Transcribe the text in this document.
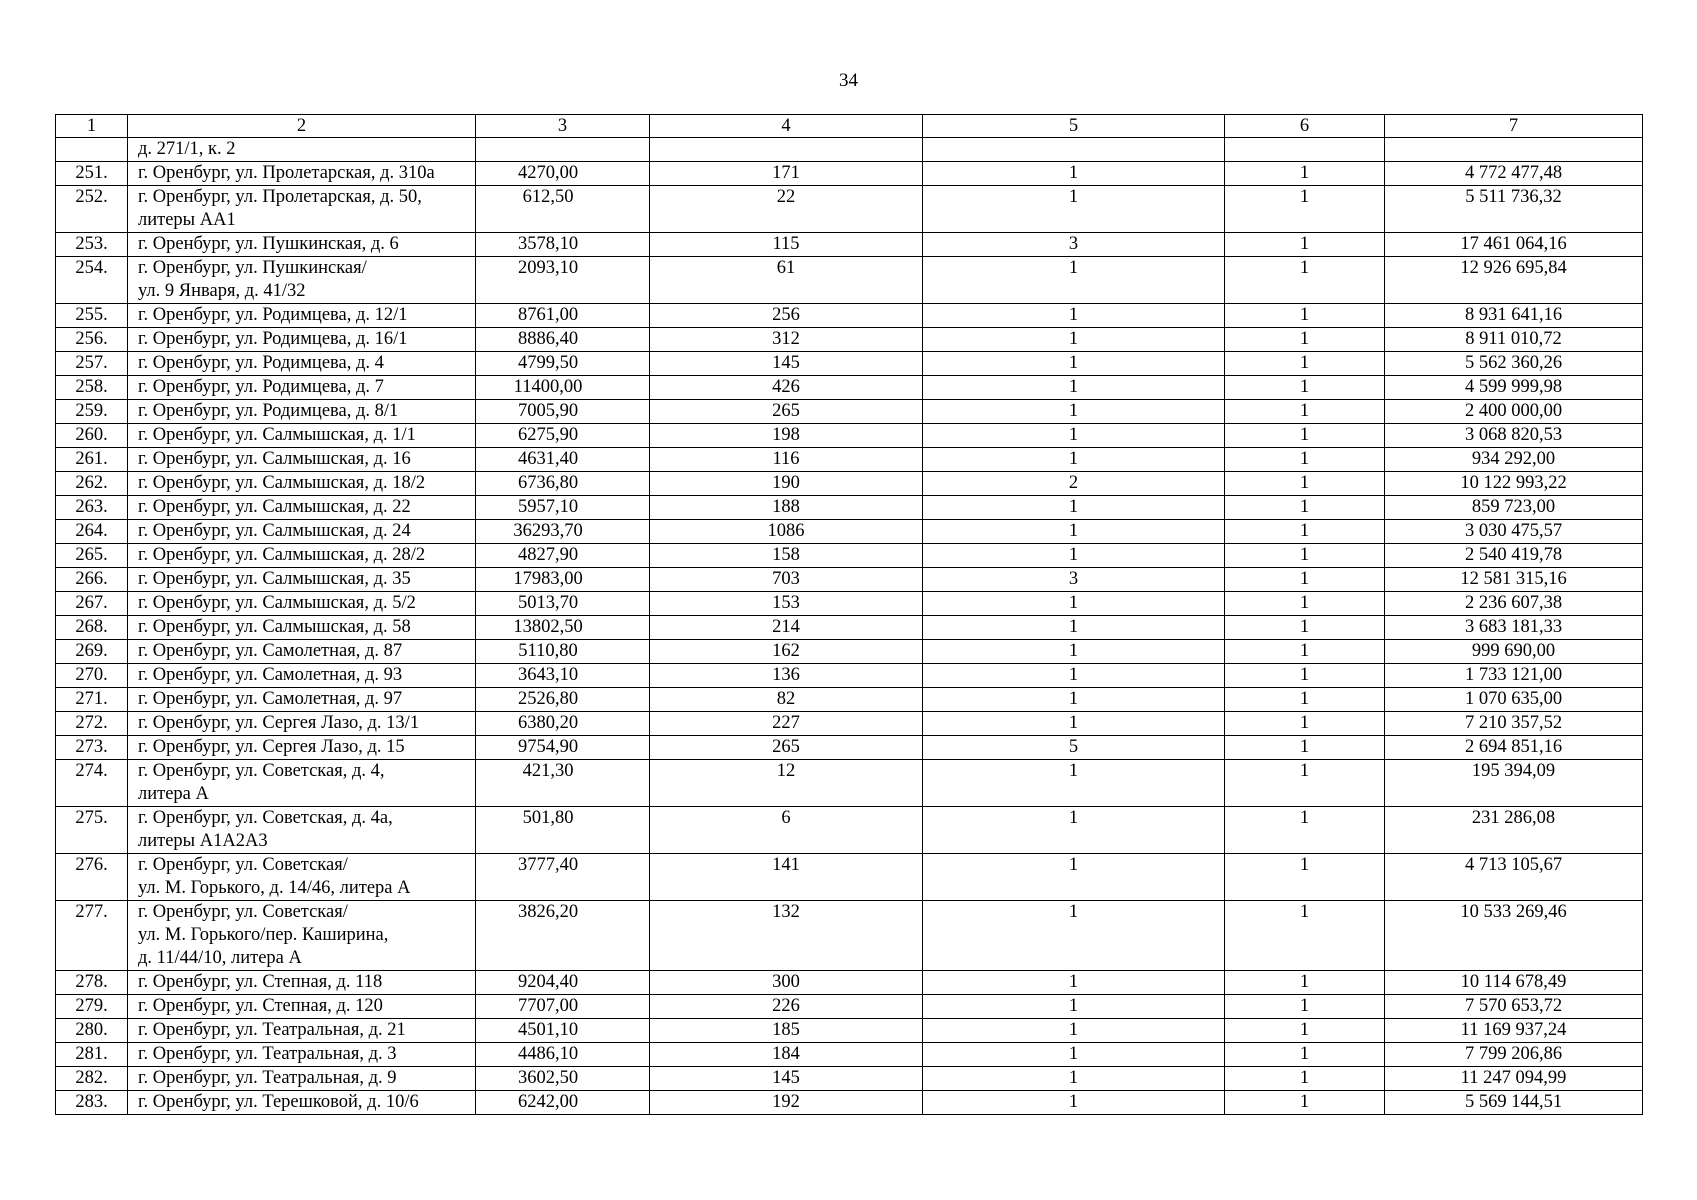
34
1	2	3	4	5	6	7

	д. 271/1, к. 2					

251.	г. Оренбург, ул. Пролетарская, д. 310а	4270,00	171	1	1	4 772 477,48
252.	г. Оренбург, ул. Пролетарская, д. 50,
литеры АА1	612,50	22	1	1	5 511 736,32
253.	г. Оренбург, ул. Пушкинская, д. 6	3578,10	115	3	1	17 461 064,16
254.	г. Оренбург, ул. Пушкинская/
ул. 9 Января, д. 41/32	2093,10	61	1	1	12 926 695,84
255.	г. Оренбург, ул. Родимцева, д. 12/1	8761,00	256	1	1	8 931 641,16
256.	г. Оренбург, ул. Родимцева, д. 16/1	8886,40	312	1	1	8 911 010,72
257.	г. Оренбург, ул. Родимцева, д. 4	4799,50	145	1	1	5 562 360,26
258.	г. Оренбург, ул. Родимцева, д. 7	11400,00	426	1	1	4 599 999,98
259.	г. Оренбург, ул. Родимцева, д. 8/1	7005,90	265	1	1	2 400 000,00
260.	г. Оренбург, ул. Салмышская, д. 1/1	6275,90	198	1	1	3 068 820,53
261.	г. Оренбург, ул. Салмышская, д. 16	4631,40	116	1	1	934 292,00
262.	г. Оренбург, ул. Салмышская, д. 18/2	6736,80	190	2	1	10 122 993,22
263.	г. Оренбург, ул. Салмышская, д. 22	5957,10	188	1	1	859 723,00
264.	г. Оренбург, ул. Салмышская, д. 24	36293,70	1086	1	1	3 030 475,57
265.	г. Оренбург, ул. Салмышская, д. 28/2	4827,90	158	1	1	2 540 419,78
266.	г. Оренбург, ул. Салмышская, д. 35	17983,00	703	3	1	12 581 315,16
267.	г. Оренбург, ул. Салмышская, д. 5/2	5013,70	153	1	1	2 236 607,38
268.	г. Оренбург, ул. Салмышская, д. 58	13802,50	214	1	1	3 683 181,33
269.	г. Оренбург, ул. Самолетная, д. 87	5110,80	162	1	1	999 690,00
270.	г. Оренбург, ул. Самолетная, д. 93	3643,10	136	1	1	1 733 121,00
271.	г. Оренбург, ул. Самолетная, д. 97	2526,80	82	1	1	1 070 635,00
272.	г. Оренбург, ул. Сергея Лазо, д. 13/1	6380,20	227	1	1	7 210 357,52
273.	г. Оренбург, ул. Сергея Лазо, д. 15	9754,90	265	5	1	2 694 851,16
274.	г. Оренбург, ул. Советская, д. 4,
литера А	421,30	12	1	1	195 394,09
275.	г. Оренбург, ул. Советская, д. 4а,
литеры А1А2А3	501,80	6	1	1	231 286,08
276.	г. Оренбург, ул. Советская/
ул. М. Горького, д. 14/46, литера А	3777,40	141	1	1	4 713 105,67
277.	г. Оренбург, ул. Советская/
ул. М. Горького/пер. Каширина,
д. 11/44/10, литера А	3826,20	132	1	1	10 533 269,46
278.	г. Оренбург, ул. Степная, д. 118	9204,40	300	1	1	10 114 678,49
279.	г. Оренбург, ул. Степная, д. 120	7707,00	226	1	1	7 570 653,72
280.	г. Оренбург, ул. Театральная, д. 21	4501,10	185	1	1	11 169 937,24
281.	г. Оренбург, ул. Театральная, д. 3	4486,10	184	1	1	7 799 206,86
282.	г. Оренбург, ул. Театральная, д. 9	3602,50	145	1	1	11 247 094,99
283.	г. Оренбург, ул. Терешковой, д. 10/6	6242,00	192	1	1	5 569 144,51
